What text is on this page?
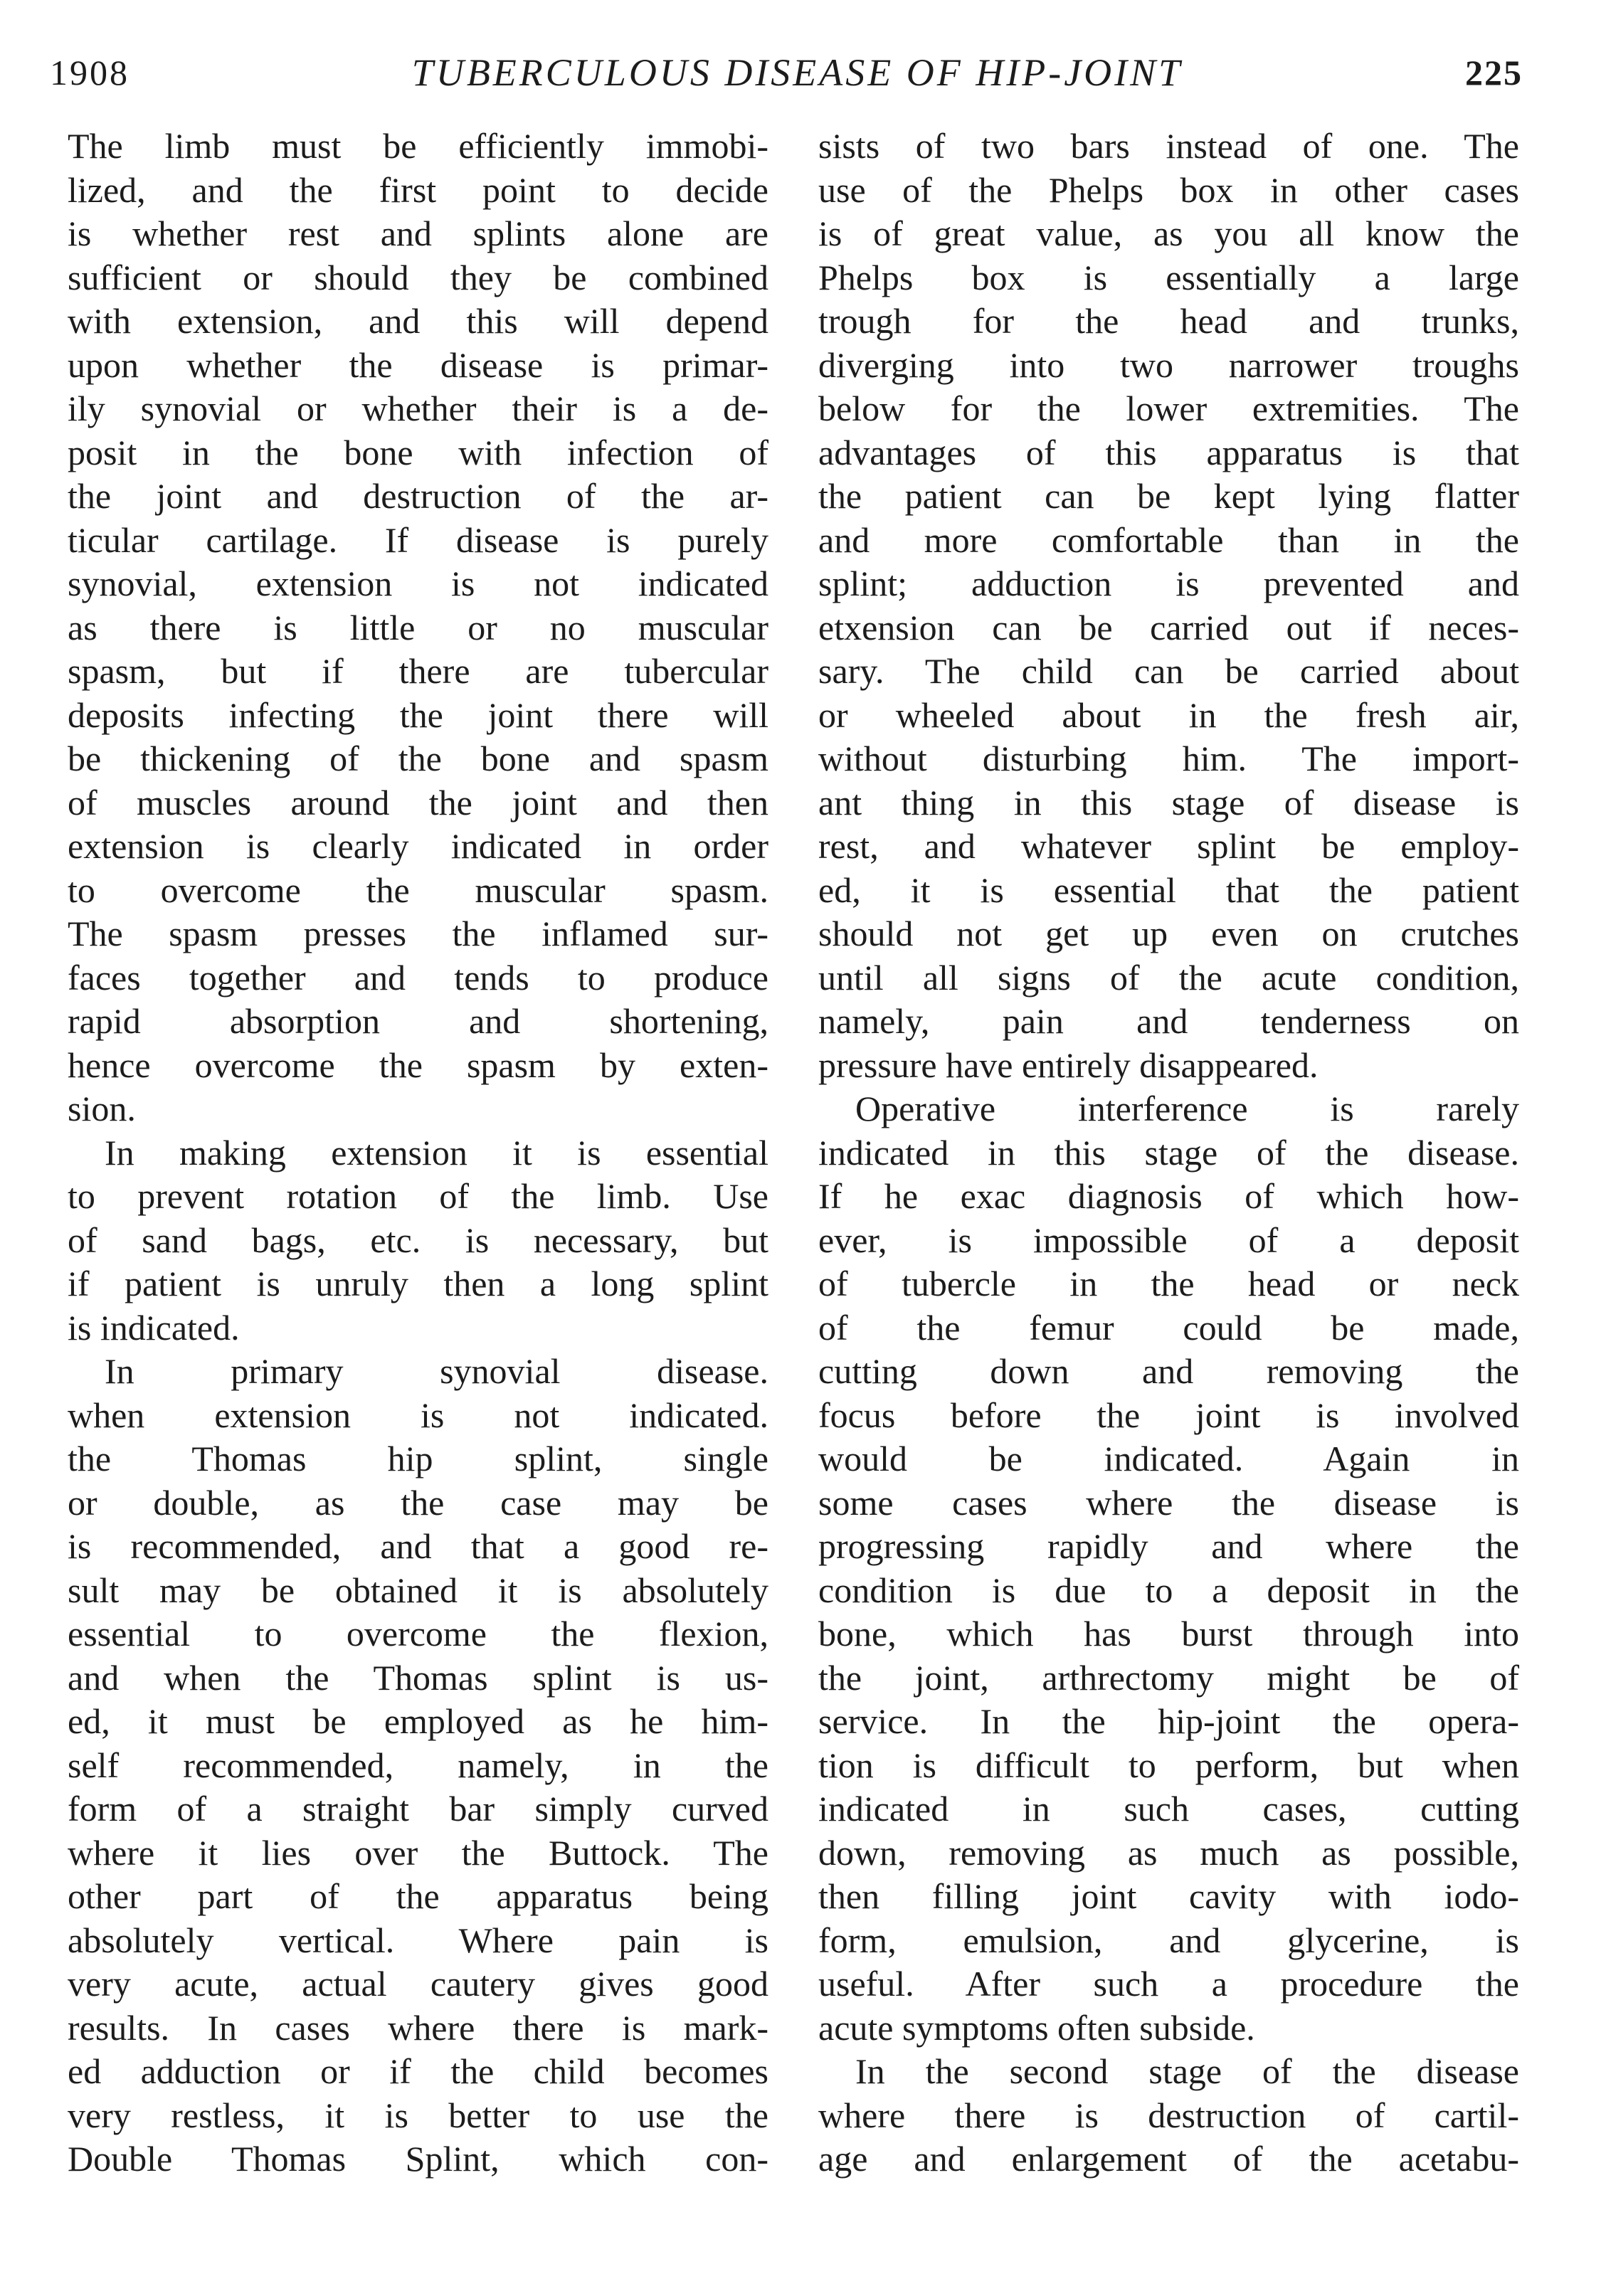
1908	TUBERCULOUS DISEASE OF HIP-JOINT	225
The limb must be efficiently immobi-
lized, and the first point to decide
is whether rest and splints alone are
sufficient or should they be combined
with extension, and this will depend
upon whether the disease is primar-
ily synovial or whether their is a de-
posit in the bone with infection of
the joint and destruction of the ar-
ticular cartilage. If disease is purely
synovial, extension is not indicated
as there is little or no muscular
spasm, but if there are tubercular
deposits infecting the joint there will
be thickening of the bone and spasm
of muscles around the joint and then
extension is clearly indicated in order
to overcome the muscular spasm.
The spasm presses the inflamed sur-
faces together and tends to produce
rapid absorption and shortening,
hence overcome the spasm by exten-
sion.
In making extension it is essential
to prevent rotation of the limb. Use
of sand bags, etc. is necessary, but
if patient is unruly then a long splint
is indicated.
In primary synovial disease.
when extension is not indicated.
the Thomas hip splint, single
or double, as the case may be
is recommended, and that a good re-
sult may be obtained it is absolutely
essential to overcome the flexion,
and when the Thomas splint is us-
ed, it must be employed as he him-
self recommended, namely, in the
form of a straight bar simply curved
where it lies over the Buttock. The
other part of the apparatus being
absolutely vertical. Where pain is
very acute, actual cautery gives good
results. In cases where there is mark-
ed adduction or if the child becomes
very restless, it is better to use the
Double Thomas Splint, which con-
sists of two bars instead of one. The
use of the Phelps box in other cases
is of great value, as you all know the
Phelps box is essentially a large
trough for the head and trunks,
diverging into two narrower troughs
below for the lower extremities. The
advantages of this apparatus is that
the patient can be kept lying flatter
and more comfortable than in the
splint; adduction is prevented and
etxension can be carried out if neces-
sary. The child can be carried about
or wheeled about in the fresh air,
without disturbing him. The import-
ant thing in this stage of disease is
rest, and whatever splint be employ-
ed, it is essential that the patient
should not get up even on crutches
until all signs of the acute condition,
namely, pain and tenderness on
pressure have entirely disappeared.
Operative interference is rarely
indicated in this stage of the disease.
If he exac diagnosis of which how-
ever, is impossible of a deposit
of tubercle in the head or neck
of the femur could be made,
cutting down and removing the
focus before the joint is involved
would be indicated. Again in
some cases where the disease is
progressing rapidly and where the
condition is due to a deposit in the
bone, which has burst through into
the joint, arthrectomy might be of
service. In the hip-joint the opera-
tion is difficult to perform, but when
indicated in such cases, cutting
down, removing as much as possible,
then filling joint cavity with iodo-
form, emulsion, and glycerine, is
useful. After such a procedure the
acute symptoms often subside.
In the second stage of the disease
where there is destruction of cartil-
age and enlargement of the acetabu-
